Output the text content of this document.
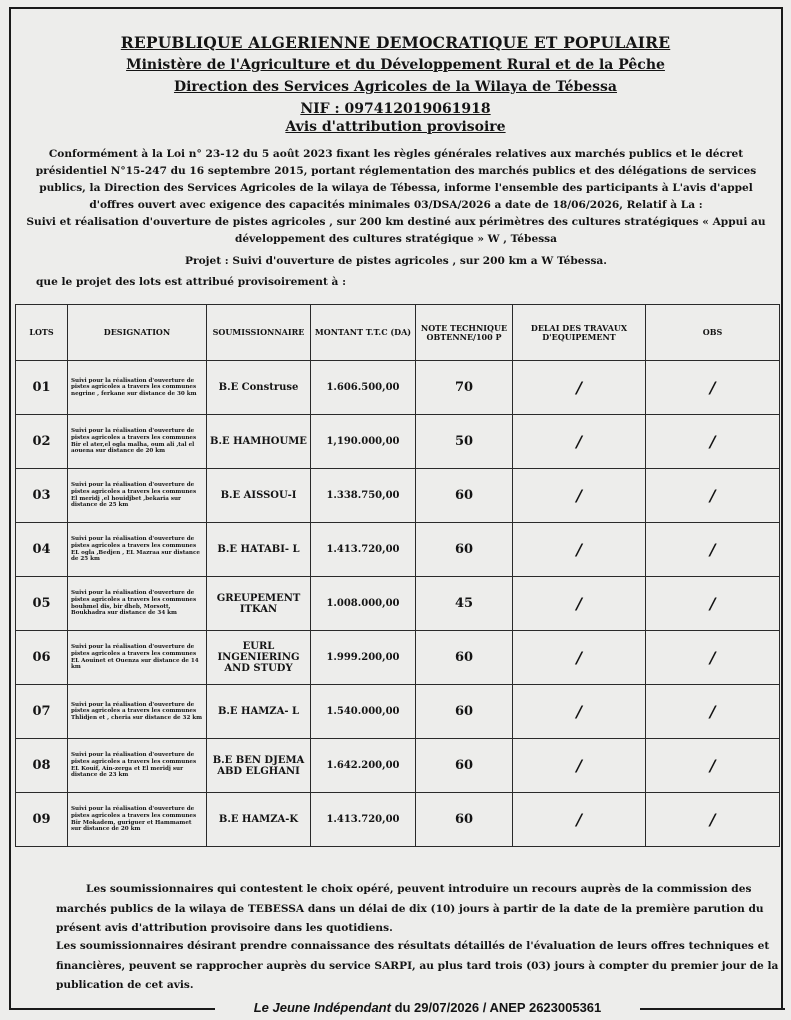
REPUBLIQUE ALGERIENNE DEMOCRATIQUE ET POPULAIRE
Ministère de l'Agriculture et du Développement Rural et de la Pêche
Direction des Services Agricoles de la Wilaya de Tébessa
NIF : 097412019061918
Avis d'attribution provisoire

Conformément à la Loi n° 23-12 du 5 août 2023 fixant les règles générales relatives aux marchés publics et le décret présidentiel N°15-247 du 16 septembre 2015, portant réglementation des marchés publics et des délégations de services publics, la Direction des Services Agricoles de la wilaya de Tébessa, informe l'ensemble des participants à L'avis d'appel d'offres ouvert avec exigence des capacités minimales 03/DSA/2026 a date de 18/06/2026, Relatif à La :

Suivi et réalisation d'ouverture de pistes agricoles , sur 200 km destiné aux périmètres des cultures stratégiques « Appui au développement des cultures stratégique » W , Tébessa

Projet : Suivi d'ouverture de pistes agricoles , sur 200 km a W Tébessa.

que le projet des lots est attribué provisoirement à :

LOTS	DESIGNATION	SOUMISSIONNAIRE	MONTANT T.T.C (DA)	NOTE TECHNIQUE OBTENNE/100 P	DELAI DES TRAVAUX D'EQUIPEMENT	OBS
01	Suivi pour la réalisation d'ouverture de pistes agricoles a travers les communes negrine , ferkane sur distance de 30 km	B.E Construse	1.606.500,00	70	/	/
02	Suivi pour la réalisation d'ouverture de pistes agricoles a travers les communes Bir el ater,el ogla malha, oum ali ,tal el aouena sur distance de 20 km	B.E HAMHOUME	1,190.000,00	50	/	/
03	Suivi pour la réalisation d'ouverture de pistes agricoles a travers les communes El meridj ,el houidjbet ,bekaria sur distance de 25 km	B.E AISSOU-I	1.338.750,00	60	/	/
04	Suivi pour la réalisation d'ouverture de pistes agricoles a travers les communes EL ogla ,Bedjen , EL Mazraa sur distance de 25 km	B.E HATABI- L	1.413.720,00	60	/	/
05	Suivi pour la réalisation d'ouverture de pistes agricoles a travers les communes bouhmel dis, bir dheb, Morsott, Boukhadra sur distance de 34 km	GREUPEMENT ITKAN	1.008.000,00	45	/	/
06	Suivi pour la réalisation d'ouverture de pistes agricoles a travers les communes EL Aouinet et Ouenza sur distance de 14 km	EURL INGENIERING AND STUDY	1.999.200,00	60	/	/
07	Suivi pour la réalisation d'ouverture de pistes agricoles a travers les communes Thlidjen et , cheria sur distance de 32 km	B.E HAMZA- L	1.540.000,00	60	/	/
08	Suivi pour la réalisation d'ouverture de pistes agricoles a travers les communes EL Kouif, Ain-zerga et El meridj sur distance de 23 km	B.E BEN DJEMA ABD ELGHANI	1.642.200,00	60	/	/
09	Suivi pour la réalisation d'ouverture de pistes agricoles a travers les communes Bir Mokadem, guriguer et Hammamet sur distance de 20 km	B.E HAMZA-K	1.413.720,00	60	/	/

Les soumissionnaires qui contestent le choix opéré, peuvent introduire un recours auprès de la commission des marchés publics de la wilaya de TEBESSA dans un délai de dix (10) jours à partir de la date de la première parution du présent avis d'attribution provisoire dans les quotidiens.

Les soumissionnaires désirant prendre connaissance des résultats détaillés de l'évaluation de leurs offres techniques et financières, peuvent se rapprocher auprès du service SARPI, au plus tard trois (03) jours à compter du premier jour de la publication de cet avis.

Le Jeune Indépendant du 29/07/2026 / ANEP 2623005361
